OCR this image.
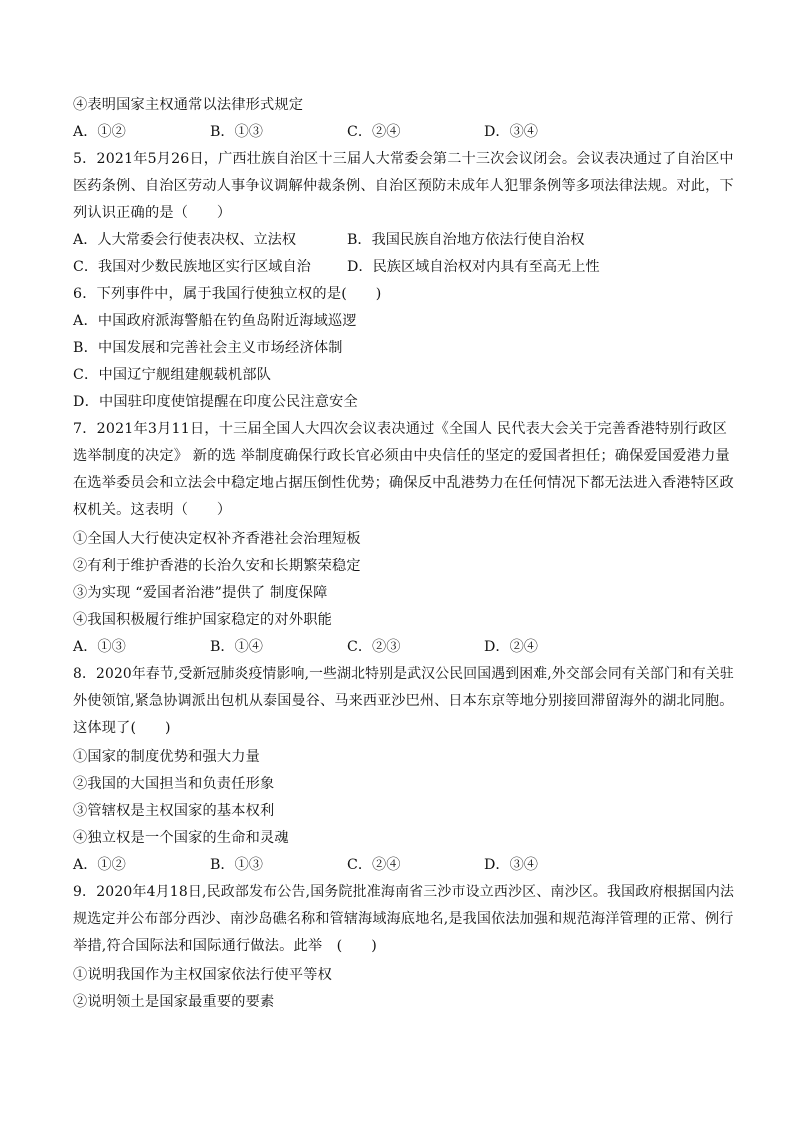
④表明国家主权通常以法律形式规定
A．①②	B．①③	C．②④	D．③④
5．2021年5月26日，广西壮族自治区十三届人大常委会第二十三次会议闭会。会议表决通过了自治区中
医药条例、自治区劳动人事争议调解仲裁条例、自治区预防未成年人犯罪条例等多项法律法规。对此，下
列认识正确的是（　　）
A．人大常委会行使表决权、立法权	B．我国民族自治地方依法行使自治权
C．我国对少数民族地区实行区域自治	D．民族区域自治权对内具有至高无上性
6．下列事件中，属于我国行使独立权的是(　　)
A．中国政府派海警船在钓鱼岛附近海域巡逻
B．中国发展和完善社会主义市场经济体制
C．中国辽宁舰组建舰载机部队
D．中国驻印度使馆提醒在印度公民注意安全
7．2021年3月11日，十三届全国人大四次会议表决通过《全国人 民代表大会关于完善香港特别行政区
选举制度的决定》 新的选 举制度确保行政长官必须由中央信任的坚定的爱国者担任；确保爱国爱港力量
在选举委员会和立法会中稳定地占据压倒性优势；确保反中乱港势力在任何情况下都无法进入香港特区政
权机关。这表明（　　）
①全国人大行使决定权补齐香港社会治理短板
②有利于维护香港的长治久安和长期繁荣稳定
③为实现 “爱国者治港”提供了 制度保障
④我国积极履行维护国家稳定的对外职能
A．①③	B．①④	C．②③	D．②④
8．2020年春节,受新冠肺炎疫情影响,一些湖北特别是武汉公民回国遇到困难,外交部会同有关部门和有关驻
外使领馆,紧急协调派出包机从泰国曼谷、马来西亚沙巴州、日本东京等地分别接回滞留海外的湖北同胞。
这体现了(　　)
①国家的制度优势和强大力量
②我国的大国担当和负责任形象
③管辖权是主权国家的基本权利
④独立权是一个国家的生命和灵魂
A．①②	B．①③	C．②④	D．③④
9．2020年4月18日,民政部发布公告,国务院批准海南省三沙市设立西沙区、南沙区。我国政府根据国内法
规选定并公布部分西沙、南沙岛礁名称和管辖海域海底地名,是我国依法加强和规范海洋管理的正常、例行
举措,符合国际法和国际通行做法。此举　(　　)
①说明我国作为主权国家依法行使平等权
②说明领土是国家最重要的要素
